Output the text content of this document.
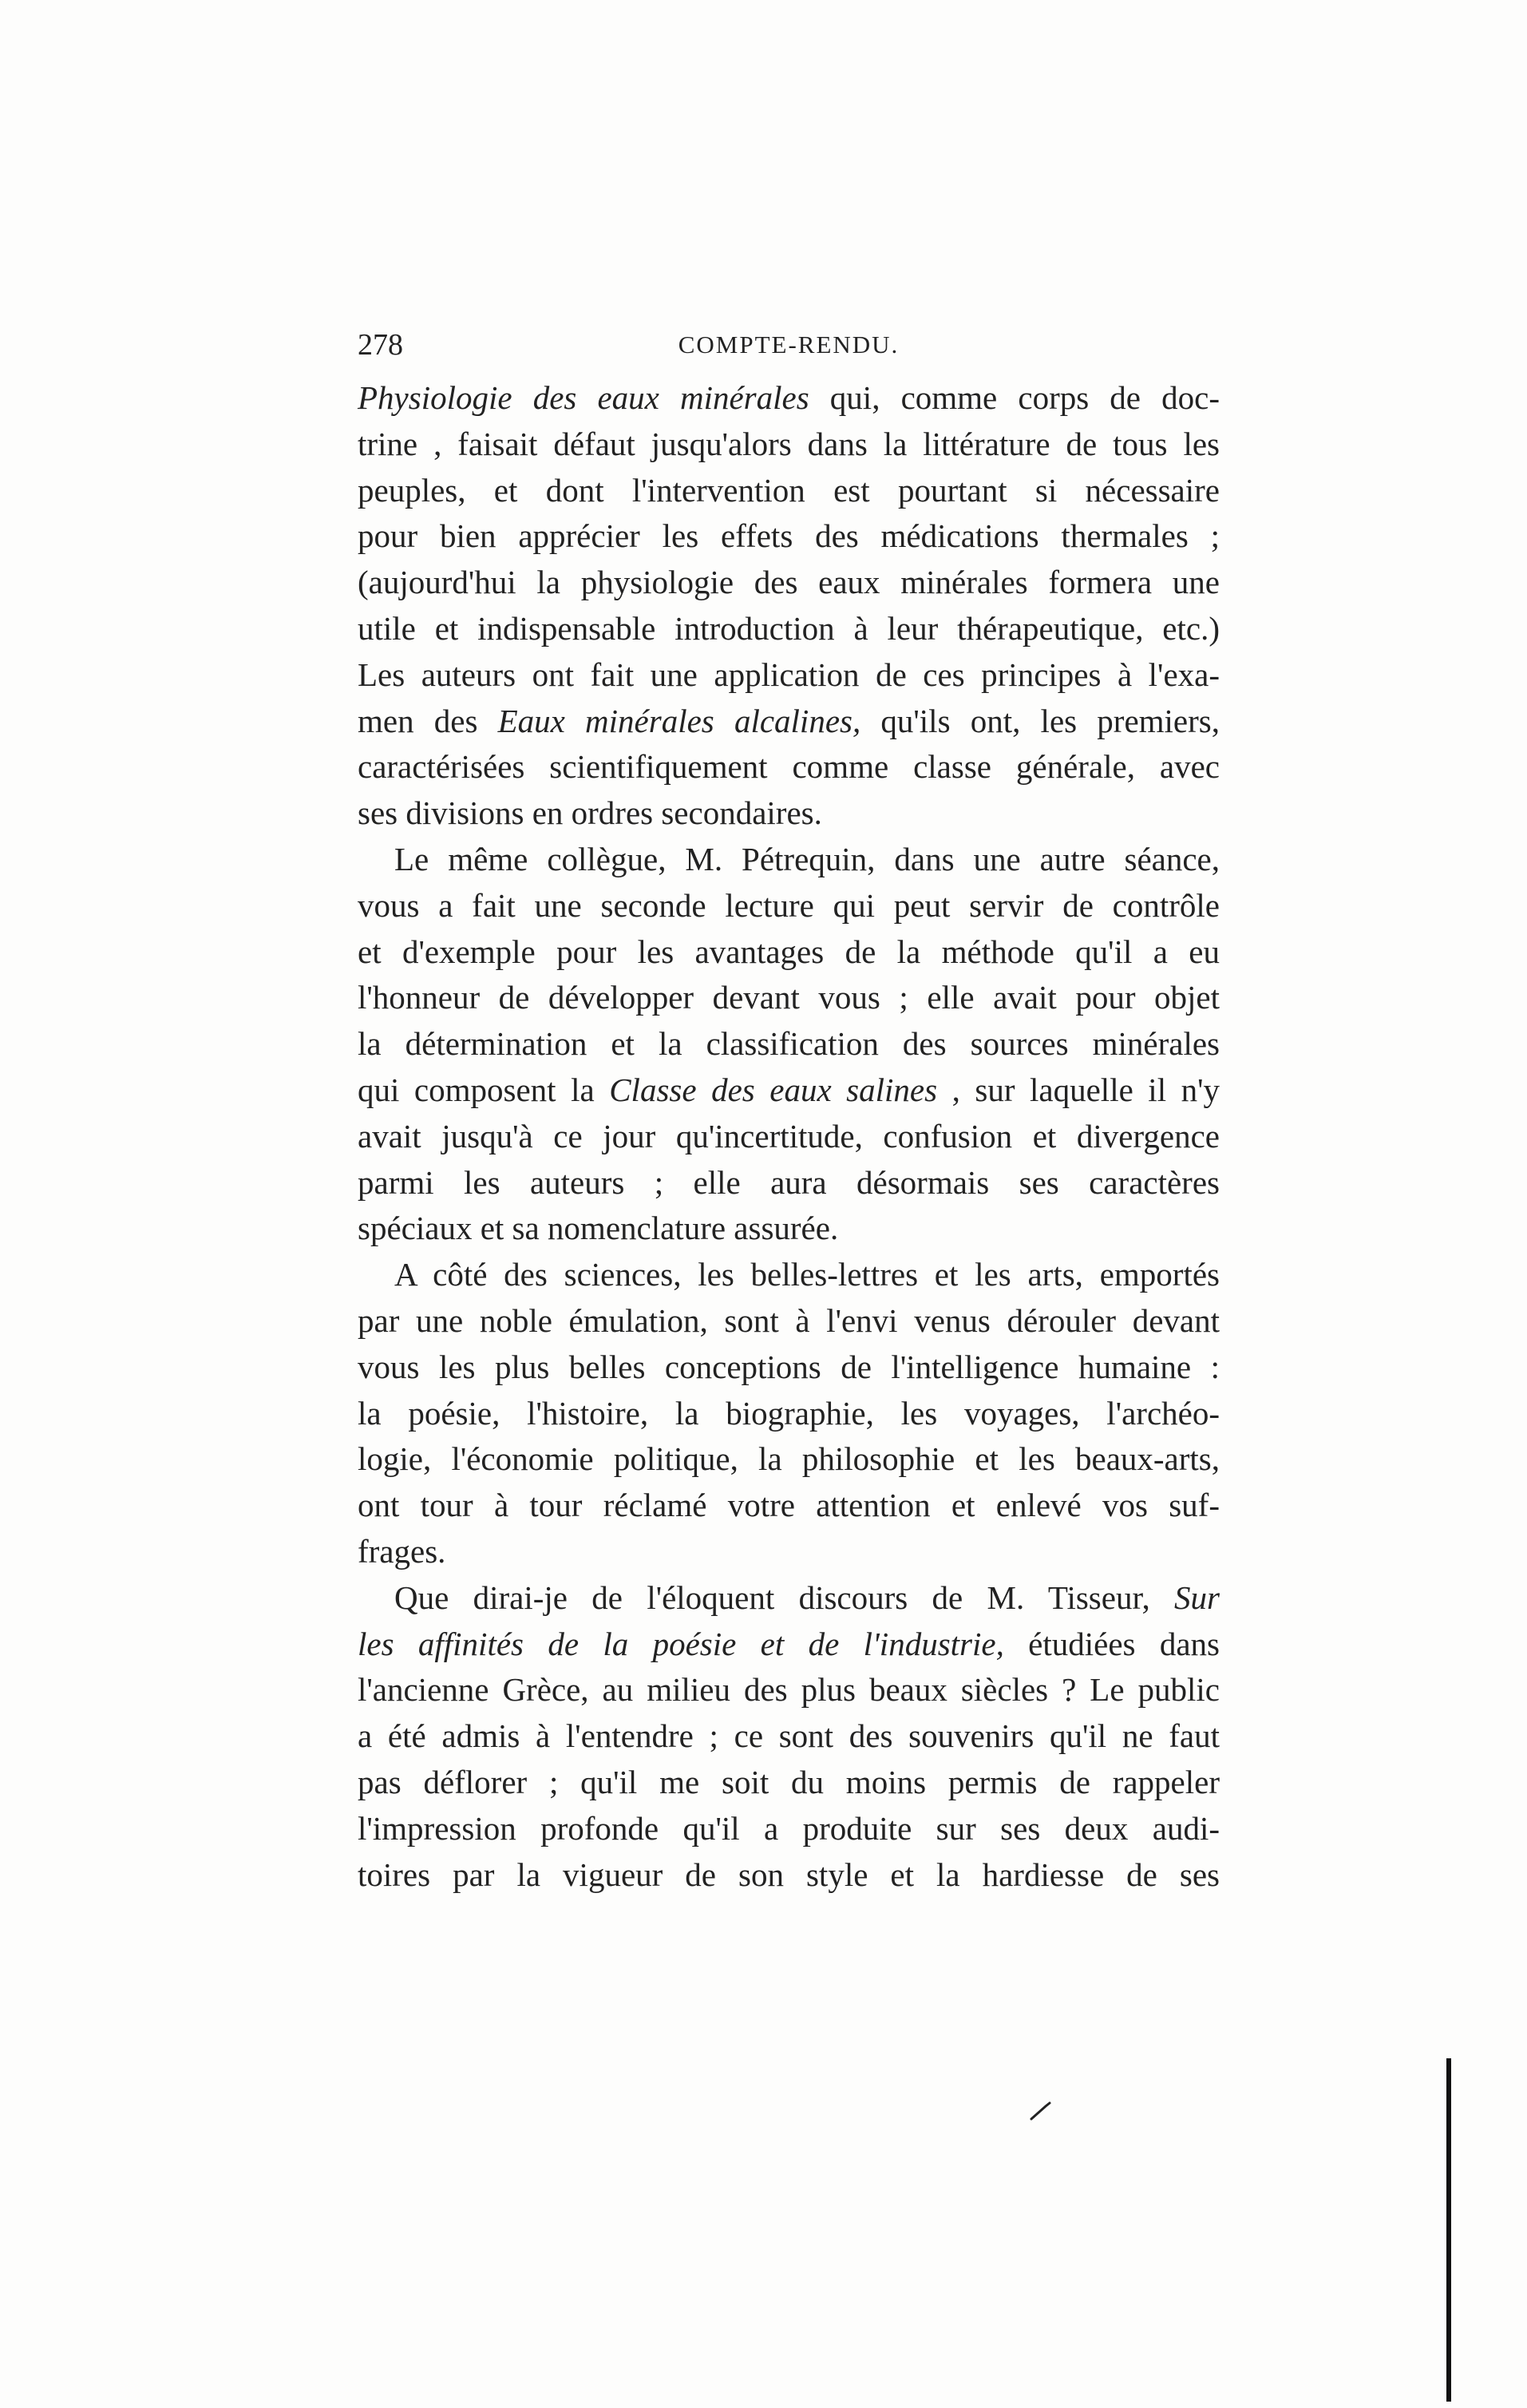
278	COMPTE-RENDU.
Physiologie des eaux minérales qui, comme corps de doc-
trine , faisait défaut jusqu'alors dans la littérature de tous les
peuples, et dont l'intervention est pourtant si nécessaire
pour bien apprécier les effets des médications thermales ;
(aujourd'hui la physiologie des eaux minérales formera une
utile et indispensable introduction à leur thérapeutique, etc.)
Les auteurs ont fait une application de ces principes à l'exa-
men des Eaux minérales alcalines, qu'ils ont, les premiers,
caractérisées scientifiquement comme classe générale, avec
ses divisions en ordres secondaires.
Le même collègue, M. Pétrequin, dans une autre séance,
vous a fait une seconde lecture qui peut servir de contrôle
et d'exemple pour les avantages de la méthode qu'il a eu
l'honneur de développer devant vous ; elle avait pour objet
la détermination et la classification des sources minérales
qui composent la Classe des eaux salines , sur laquelle il n'y
avait jusqu'à ce jour qu'incertitude, confusion et divergence
parmi les auteurs ; elle aura désormais ses caractères
spéciaux et sa nomenclature assurée.
A côté des sciences, les belles-lettres et les arts, emportés
par une noble émulation, sont à l'envi venus dérouler devant
vous les plus belles conceptions de l'intelligence humaine :
la poésie, l'histoire, la biographie, les voyages, l'archéo-
logie, l'économie politique, la philosophie et les beaux-arts,
ont tour à tour réclamé votre attention et enlevé vos suf-
frages.
Que dirai-je de l'éloquent discours de M. Tisseur, Sur
les affinités de la poésie et de l'industrie, étudiées dans
l'ancienne Grèce, au milieu des plus beaux siècles ? Le public
a été admis à l'entendre ; ce sont des souvenirs qu'il ne faut
pas déflorer ; qu'il me soit du moins permis de rappeler
l'impression profonde qu'il a produite sur ses deux audi-
toires par la vigueur de son style et la hardiesse de ses
